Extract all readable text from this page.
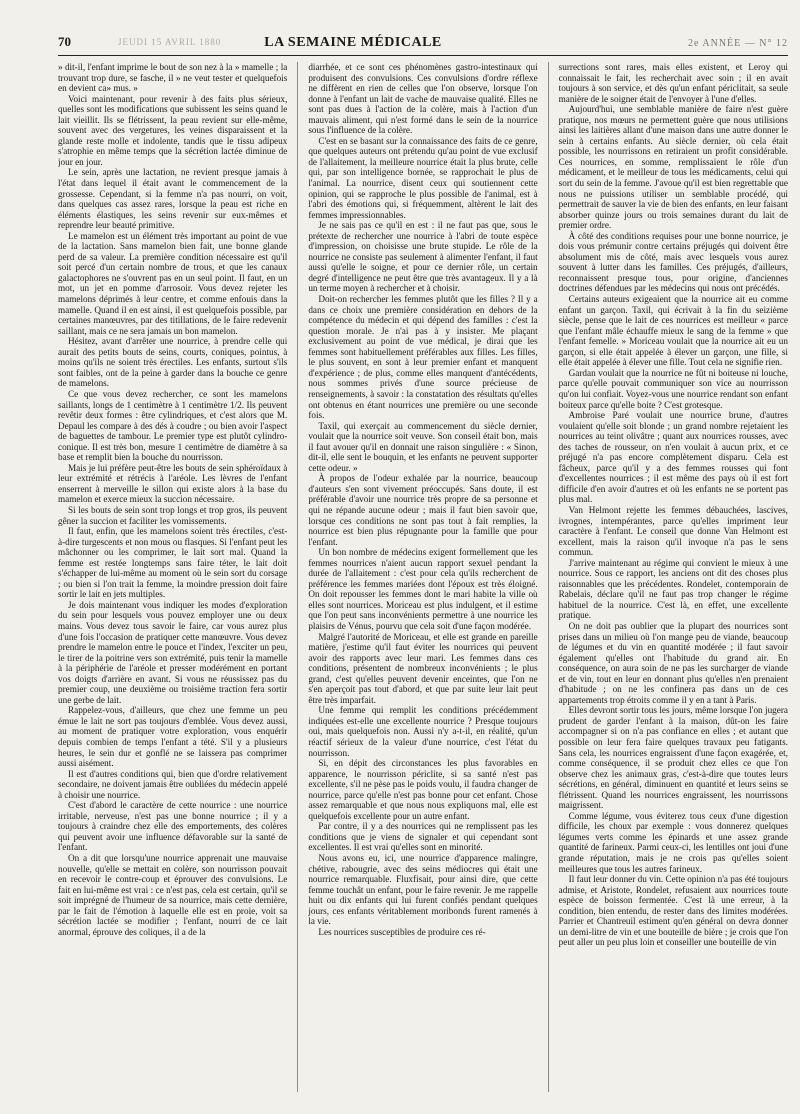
70	JEUDI 15 AVRIL 1880	LA SEMAINE MÉDICALE	2e ANNÉE — N° 12

» dit-il, l'enfant imprime le bout de son nez à la » mamelle ; la trouvant trop dure, se fasche, il » ne veut tester et quelquefois en devient ca» mus. »

Voici maintenant, pour revenir à des faits plus sérieux, quelles sont les modifications que subissent les seins quand le lait vieillit. Ils se flétrissent, la peau revient sur elle-même, souvent avec des vergetures, les veines disparaissent et la glande reste molle et indolente, tandis que le tissu adipeux s'atrophie en même temps que la sécrétion lactée diminue de jour en jour.

Le sein, après une lactation, ne revient presque jamais à l'état dans lequel il était avant le commencement de la grossesse. Cependant, si la femme n'a pas nourri, on voit, dans quelques cas assez rares, lorsque la peau est riche en éléments élastiques, les seins revenir sur eux-mêmes et reprendre leur beauté primitive.

Le mamelon est un élément très important au point de vue de la lactation. Sans mamelon bien fait, une bonne glande perd de sa valeur. La première condition nécessaire est qu'il soit percé d'un certain nombre de trous, et que les canaux galactophores ne s'ouvrent pas en un seul point. Il faut, en un mot, un jet en pomme d'arrosoir. Vous devez rejeter les mamelons déprimés à leur centre, et comme enfouis dans la mamelle. Quand il en est ainsi, il est quelquefois possible, par certaines manœuvres, par des titillations, de le faire redevenir saillant, mais ce ne sera jamais un bon mamelon.

Hésitez, avant d'arrêter une nourrice, à prendre celle qui aurait des petits bouts de seins, courts, coniques, pointus, à moins qu'ils ne soient très érectiles. Les enfants, surtout s'ils sont faibles, ont de la peine à garder dans la bouche ce genre de mamelons.

Ce que vous devez rechercher, ce sont les mamelons saillants, longs de 1 centimètre à 1 centimètre 1/2. Ils peuvent revêtir deux formes : être cylindriques, et c'est alors que M. Depaul les compare à des dés à coudre ; ou bien avoir l'aspect de baguettes de tambour. Le premier type est plutôt cylindro-conique. Il est très bon, mesure 1 centimètre de diamètre à sa base et remplit bien la bouche du nourrisson.

Mais je lui préfère peut-être les bouts de sein sphéroïdaux à leur extrémité et rétrécis à l'aréole. Les lèvres de l'enfant enserrent à merveille le sillon qui existe alors à la base du mamelon et exerce mieux la succion nécessaire.

Si les bouts de sein sont trop longs et trop gros, ils peuvent gêner la succion et faciliter les vomissements.

Il faut, enfin, que les mamelons soient très érectiles, c'est-à-dire turgescents et non mous ou flasques. Si l'enfant peut les mâchonner ou les comprimer, le lait sort mal. Quand la femme est restée longtemps sans faire téter, le lait doit s'échapper de lui-même au moment où le sein sort du corsage ; ou bien si l'on trait la femme, la moindre pression doit faire sortir le lait en jets multiples.

Je dois maintenant vous indiquer les modes d'exploration du sein pour lesquels vous pouvez employer une ou deux mains. Vous devez tous savoir le faire, car vous aurez plus d'une fois l'occasion de pratiquer cette manœuvre. Vous devez prendre le mamelon entre le pouce et l'index, l'exciter un peu, le tirer de la poitrine vers son extrémité, puis tenir la mamelle à la périphérie de l'aréole et presser modérément en portant vos doigts d'arrière en avant. Si vous ne réussissez pas du premier coup, une deuxième ou troisième traction fera sortir une gerbe de lait.

Rappelez-vous, d'ailleurs, que chez une femme un peu émue le lait ne sort pas toujours d'emblée. Vous devez aussi, au moment de pratiquer votre exploration, vous enquérir depuis combien de temps l'enfant a tété. S'il y a plusieurs heures, le sein dur et gonflé ne se laissera pas comprimer aussi aisément.

Il est d'autres conditions qui, bien que d'ordre relativement secondaire, ne doivent jamais être oubliées du médecin appelé à choisir une nourrice.

C'est d'abord le caractère de cette nourrice : une nourrice irritable, nerveuse, n'est pas une bonne nourrice ; il y a toujours à craindre chez elle des emportements, des colères qui peuvent avoir une influence défavorable sur la santé de l'enfant.

On a dit que lorsqu'une nourrice apprenait une mauvaise nouvelle, qu'elle se mettait en colère, son nourrisson pouvait en recevoir le contre-coup et éprouver des convulsions. Le fait en lui-même est vrai : ce n'est pas, cela est certain, qu'il se soit imprégné de l'humeur de sa nourrice, mais cette dernière, par le fait de l'émotion à laquelle elle est en proie, voit sa sécrétion lactée se modifier ; l'enfant, nourri de ce lait anormal, éprouve des coliques, il a de la

diarrhée, et ce sont ces phénomènes gastro-intestinaux qui produisent des convulsions. Ces convulsions d'ordre réflexe ne diffèrent en rien de celles que l'on observe, lorsque l'on donne à l'enfant un lait de vache de mauvaise qualité. Elles ne sont pas dues à l'action de la colère, mais à l'action d'un mauvais aliment, qui n'est formé dans le sein de la nourrice sous l'influence de la colère.

C'est en se basant sur la connaissance des faits de ce genre, que quelques auteurs ont prétendu qu'au point de vue exclusif de l'allaitement, la meilleure nourrice était la plus brute, celle qui, par son intelligence bornée, se rapprochait le plus de l'animal. La nourrice, disent ceux qui soutiennent cette opinion, qui se rapproche le plus possible de l'animal, est à l'abri des émotions qui, si fréquemment, altèrent le lait des femmes impressionnables.

Je ne sais pas ce qu'il en est : il ne faut pas que, sous le prétexte de rechercher une nourrice à l'abri de toute espèce d'impression, on choisisse une brute stupide. Le rôle de la nourrice ne consiste pas seulement à alimenter l'enfant, il faut aussi qu'elle le soigne, et pour ce dernier rôle, un certain degré d'intelligence ne peut être que très avantageux. Il y a là un terme moyen à rechercher et à choisir.

Doit-on rechercher les femmes plutôt que les filles ? Il y a dans ce choix une première considération en dehors de la compétence du médecin et qui dépend des familles : c'est la question morale. Je n'ai pas à y insister. Me plaçant exclusivement au point de vue médical, je dirai que les femmes sont habituellement préférables aux filles. Les filles, le plus souvent, en sont à leur premier enfant et manquent d'expérience ; de plus, comme elles manquent d'antécédents, nous sommes privés d'une source précieuse de renseignements, à savoir : la constatation des résultats qu'elles ont obtenus en étant nourrices une première ou une seconde fois.

Taxil, qui exerçait au commencement du siècle dernier, voulait que la nourrice soit veuve. Son conseil était bon, mais il faut avouer qu'il en donnait une raison singulière : « Sinon, dit-il, elle sent le bouquin, et les enfants ne peuvent supporter cette odeur. »

À propos de l'odeur exhalée par la nourrice, beaucoup d'auteurs s'en sont vivement préoccupés. Sans doute, il est préférable d'avoir une nourrice très propre de sa personne et qui ne répande aucune odeur ; mais il faut bien savoir que, lorsque ces conditions ne sont pas tout à fait remplies, la nourrice est bien plus répugnante pour la famille que pour l'enfant.

Un bon nombre de médecins exigent formellement que les femmes nourrices n'aient aucun rapport sexuel pendant la durée de l'allaitement : c'est pour cela qu'ils recherchent de préférence les femmes mariées dont l'époux est très éloigné. On doit repousser les femmes dont le mari habite la ville où elles sont nourrices. Moriceau est plus indulgent, et il estime que l'on peut sans inconvénients permettre à une nourrice les plaisirs de Vénus, pourvu que cela soit d'une façon modérée.

Malgré l'autorité de Moriceau, et elle est grande en pareille matière, j'estime qu'il faut éviter les nourrices qui peuvent avoir des rapports avec leur mari. Les femmes dans ces conditions, présentent de nombreux inconvénients ; le plus grand, c'est qu'elles peuvent devenir enceintes, que l'on ne s'en aperçoit pas tout d'abord, et que par suite leur lait peut être très imparfait.

Une femme qui remplit les conditions précédemment indiquées est-elle une excellente nourrice ? Presque toujours oui, mais quelquefois non. Aussi n'y a-t-il, en réalité, qu'un réactif sérieux de la valeur d'une nourrice, c'est l'état du nourrisson.

Si, en dépit des circonstances les plus favorables en apparence, le nourrisson périclite, si sa santé n'est pas excellente, s'il ne pèse pas le poids voulu, il faudra changer de nourrice, parce qu'elle n'est pas bonne pour cet enfant. Chose assez remarquable et que nous nous expliquons mal, elle est quelquefois excellente pour un autre enfant.

Par contre, il y a des nourrices qui ne remplissent pas les conditions que je viens de signaler et qui cependant sont excellentes. Il est vrai qu'elles sont en minorité.

Nous avons eu, ici, une nourrice d'apparence malingre, chétive, rabougrie, avec des seins médiocres qui était une nourrice remarquable. Fluxfisait, pour ainsi dire, que cette femme touchât un enfant, pour le faire revenir. Je me rappelle huit ou dix enfants qui lui furent confiés pendant quelques jours, ces enfants véritablement moribonds furent ramenés à la vie.

Les nourrices susceptibles de produire ces ré-

surrections sont rares, mais elles existent, et Leroy qui connaissait le fait, les recherchait avec soin ; il en avait toujours à son service, et dès qu'un enfant périclitait, sa seule manière de le soigner était de l'envoyer à l'une d'elles.

Aujourd'hui, une semblable manière de faire n'est guère pratique, nos mœurs ne permettent guère que nous utilisions ainsi les laitières allant d'une maison dans une autre donner le sein à certains enfants. Au siècle dernier, où cela était possible, les nourrissons en retiraient un profit considérable. Ces nourrices, en somme, remplissaient le rôle d'un médicament, et le meilleur de tous les médicaments, celui qui sort du sein de la femme. J'avoue qu'il est bien regrettable que nous ne puissions utiliser un semblable procédé, qui permettrait de sauver la vie de bien des enfants, en leur faisant absorber quinze jours ou trois semaines durant du lait de premier ordre.

À côté des conditions requises pour une bonne nourrice, je dois vous prémunir contre certains préjugés qui doivent être absolument mis de côté, mais avec lesquels vous aurez souvent à lutter dans les familles. Ces préjugés, d'ailleurs, reconnaissent presque tous, pour origine, d'anciennes doctrines défendues par les médecins qui nous ont précédés.

Certains auteurs exigeaient que la nourrice ait eu comme enfant un garçon. Taxil, qui écrivait à la fin du seizième siècle, pense que le lait de ces nourrices est meilleur « parce que l'enfant mâle échauffe mieux le sang de la femme » que l'enfant femelle. » Moriceau voulait que la nourrice ait eu un garçon, si elle était appelée à élever un garçon, une fille, si elle était appelée à élever une fille. Tout cela ne signifie rien.

Gardan voulait que la nourrice ne fût ni boiteuse ni louche, parce qu'elle pouvait communiquer son vice au nourrisson qu'on lui confiait. Voyez-vous une nourrice rendant son enfant boiteux parce qu'elle boite ? C'est grotesque.

Ambroise Paré voulait une nourrice brune, d'autres voulaient qu'elle soit blonde ; un grand nombre rejetaient les nourrices au teint olivâtre ; quant aux nourrices rousses, avec des taches de rousseur, on n'en voulait à aucun prix, et ce préjugé n'a pas encore complètement disparu. Cela est fâcheux, parce qu'il y a des femmes rousses qui font d'excellentes nourrices ; il est même des pays où il est fort difficile d'en avoir d'autres et où les enfants ne se portent pas plus mal.

Van Helmont rejette les femmes débauchées, lascives, ivrognes, intempérantes, parce qu'elles impriment leur caractère à l'enfant. Le conseil que donne Van Helmont est excellent, mais la raison qu'il invoque n'a pas le sens commun.

J'arrive maintenant au régime qui convient le mieux à une nourrice. Sous ce rapport, les anciens ont dit des choses plus raisonnables que les précédentes. Rondelet, contemporain de Rabelais, déclare qu'il ne faut pas trop changer le régime habituel de la nourrice. C'est là, en effet, une excellente pratique.

On ne doit pas oublier que la plupart des nourrices sont prises dans un milieu où l'on mange peu de viande, beaucoup de légumes et du vin en quantité modérée ; il faut savoir également qu'elles ont l'habitude du grand air. En conséquence, on aura soin de ne pas les surcharger de viande et de vin, tout en leur en donnant plus qu'elles n'en prenaient d'habitude ; on ne les confinera pas dans un de ces appartements trop étroits comme il y en a tant à Paris.

Elles devront sortir tous les jours, même lorsque l'on jugera prudent de garder l'enfant à la maison, dût-on les faire accompagner si on n'a pas confiance en elles ; et autant que possible on leur fera faire quelques travaux peu fatigants. Sans cela, les nourrices engraissent d'une façon exagérée, et, comme conséquence, il se produit chez elles ce que l'on observe chez les animaux gras, c'est-à-dire que toutes leurs sécrétions, en général, diminuent en quantité et leurs seins se flétrissent. Quand les nourrices engraissent, les nourrissons maigrissent.

Comme légume, vous éviterez tous ceux d'une digestion difficile, les choux par exemple : vous donnerez quelques légumes verts comme les épinards et une assez grande quantité de farineux. Parmi ceux-ci, les lentilles ont joui d'une grande réputation, mais je ne crois pas qu'elles soient meilleures que tous les autres farineux.

Il faut leur donner du vin. Cette opinion n'a pas été toujours admise, et Aristote, Rondelet, refusaient aux nourrices toute espèce de boisson fermentée. C'est là une erreur, à la condition, bien entendu, de rester dans des limites modérées. Parrier et Chantreuil estiment qu'en général on devra donner un demi-litre de vin et une bouteille de bière ; je crois que l'on peut aller un peu plus loin et conseiller une bouteille de vin
